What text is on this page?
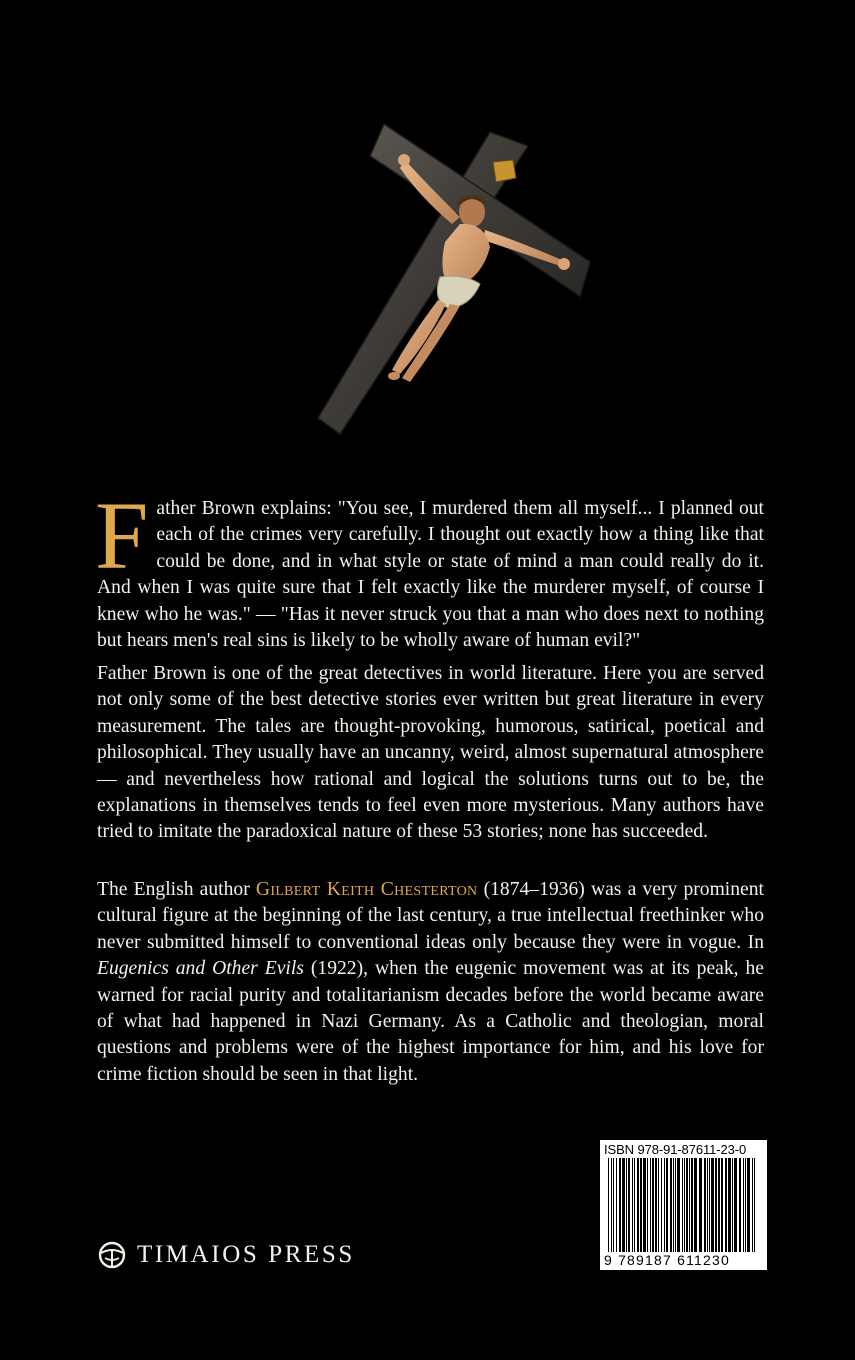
Father Brown explains: "You see, I murdered them all myself... I planned out each of the crimes very carefully. I thought out exactly how a thing like that could be done, and in what style or state of mind a man could really do it. And when I was quite sure that I felt exactly like the murderer myself, of course I knew who he was." — "Has it never struck you that a man who does next to nothing but hears men's real sins is likely to be wholly aware of human evil?"
Father Brown is one of the great detectives in world literature. Here you are served not only some of the best detective stories ever written but great literature in every measurement. The tales are thought-provoking, humorous, satirical, poetical and philosophical. They usually have an uncanny, weird, almost supernatural atmosphere — and nevertheless how rational and logical the solutions turns out to be, the explanations in themselves tends to feel even more mysterious. Many authors have tried to imitate the paradoxical nature of these 53 stories; none has succeeded.
The English author Gilbert Keith Chesterton (1874–1936) was a very prominent cultural figure at the beginning of the last century, a true intellectual freethinker who never submitted himself to conventional ideas only because they were in vogue. In Eugenics and Other Evils (1922), when the eugenic movement was at its peak, he warned for racial purity and totalitarianism decades before the world became aware of what had happened in Nazi Germany. As a Catholic and theologian, moral questions and problems were of the highest importance for him, and his love for crime fiction should be seen in that light.
ISBN 978-91-87611-23-0
9 789187 611230
TIMAIOS PRESS
